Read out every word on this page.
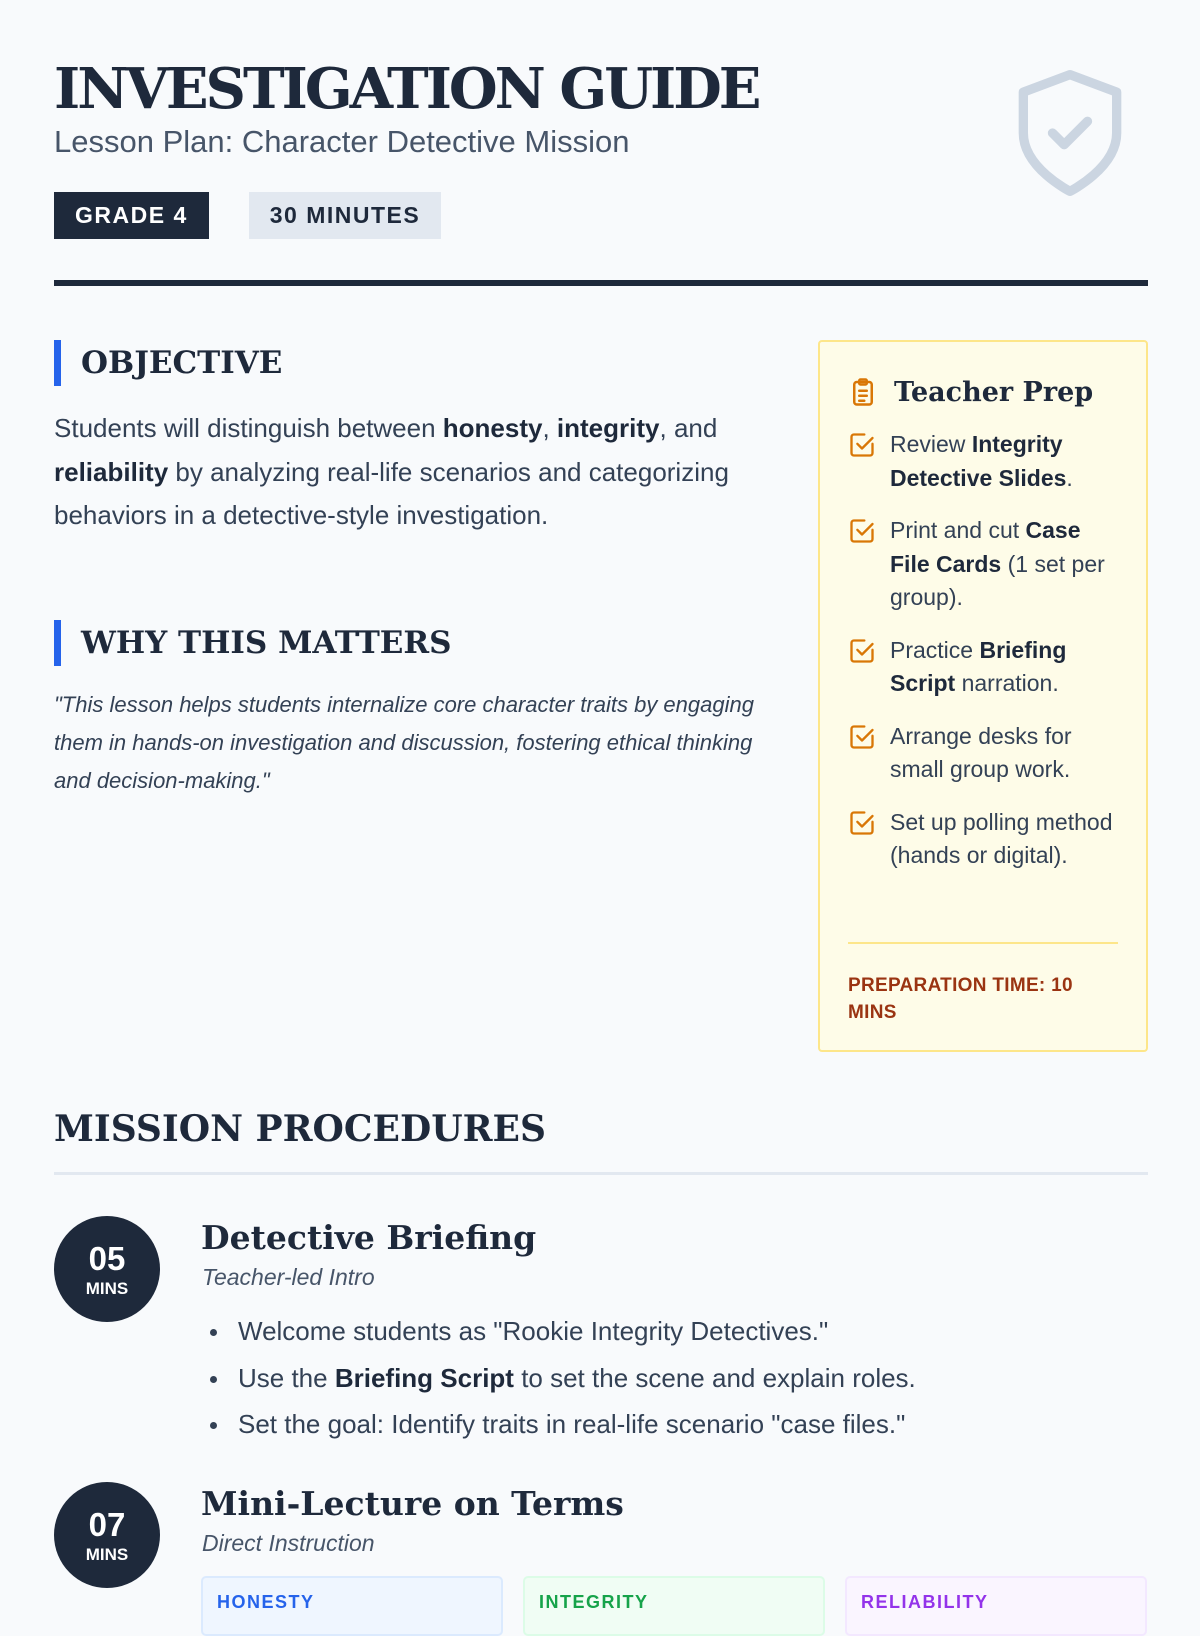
INVESTIGATION GUIDE
Lesson Plan: Character Detective Mission
GRADE 4	30 MINUTES
OBJECTIVE

Students will distinguish between honesty, integrity, and reliability by analyzing real-life scenarios and categorizing behaviors in a detective-style investigation.

WHY THIS MATTERS

"This lesson helps students internalize core character traits by engaging them in hands-on investigation and discussion, fostering ethical thinking and decision-making."

Teacher Prep
Review Integrity Detective Slides.
Print and cut Case File Cards (1 set per group).
Practice Briefing Script narration.
Arrange desks for small group work.
Set up polling method (hands or digital).
PREPARATION TIME: 10 MINS
MISSION PROCEDURES
05
MINS
Detective Briefing
Teacher-led Intro
Welcome students as "Rookie Integrity Detectives."
Use the Briefing Script to set the scene and explain roles.
Set the goal: Identify traits in real-life scenario "case files."
07
MINS
Mini-Lecture on Terms
Direct Instruction
HONESTY	INTEGRITY	RELIABILITY
